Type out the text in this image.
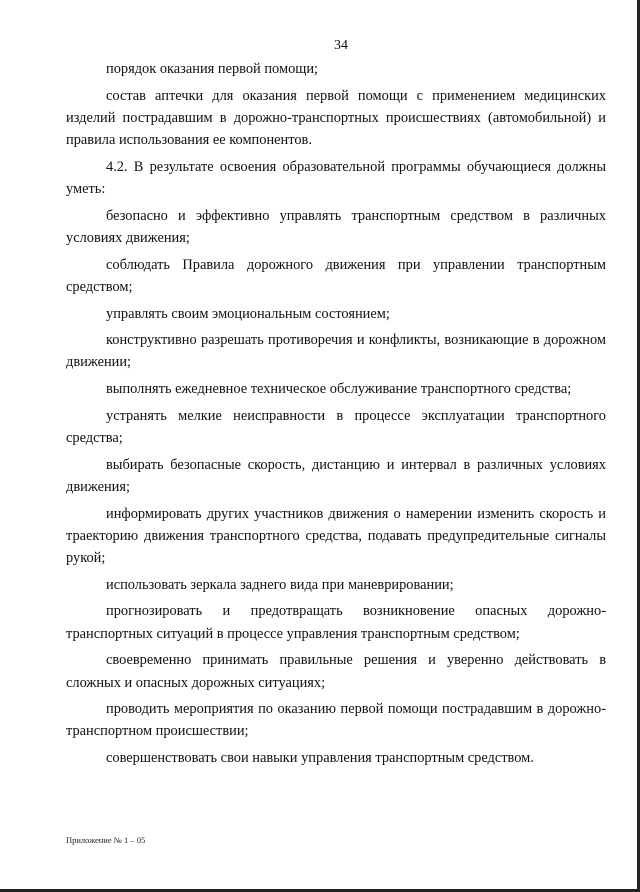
34

порядок оказания первой помощи;

состав аптечки для оказания первой помощи с применением медицинских изделий пострадавшим в дорожно-транспортных происшествиях (автомобильной) и правила использования ее компонентов.

4.2. В результате освоения образовательной программы обучающиеся должны уметь:

безопасно и эффективно управлять транспортным средством в различных условиях движения;

соблюдать Правила дорожного движения при управлении транспортным средством;

управлять своим эмоциональным состоянием;

конструктивно разрешать противоречия и конфликты, возникающие в дорожном движении;

выполнять ежедневное техническое обслуживание транспортного средства;

устранять мелкие неисправности в процессе эксплуатации транспортного средства;

выбирать безопасные скорость, дистанцию и интервал в различных условиях движения;

информировать других участников движения о намерении изменить скорость и траекторию движения транспортного средства, подавать предупредительные сигналы рукой;

использовать зеркала заднего вида при маневрировании;

прогнозировать и предотвращать возникновение опасных дорожно-транспортных ситуаций в процессе управления транспортным средством;

своевременно принимать правильные решения и уверенно действовать в сложных и опасных дорожных ситуациях;

проводить мероприятия по оказанию первой помощи пострадавшим в дорожно-транспортном происшествии;

совершенствовать свои навыки управления транспортным средством.

Приложение № 1 – 05
